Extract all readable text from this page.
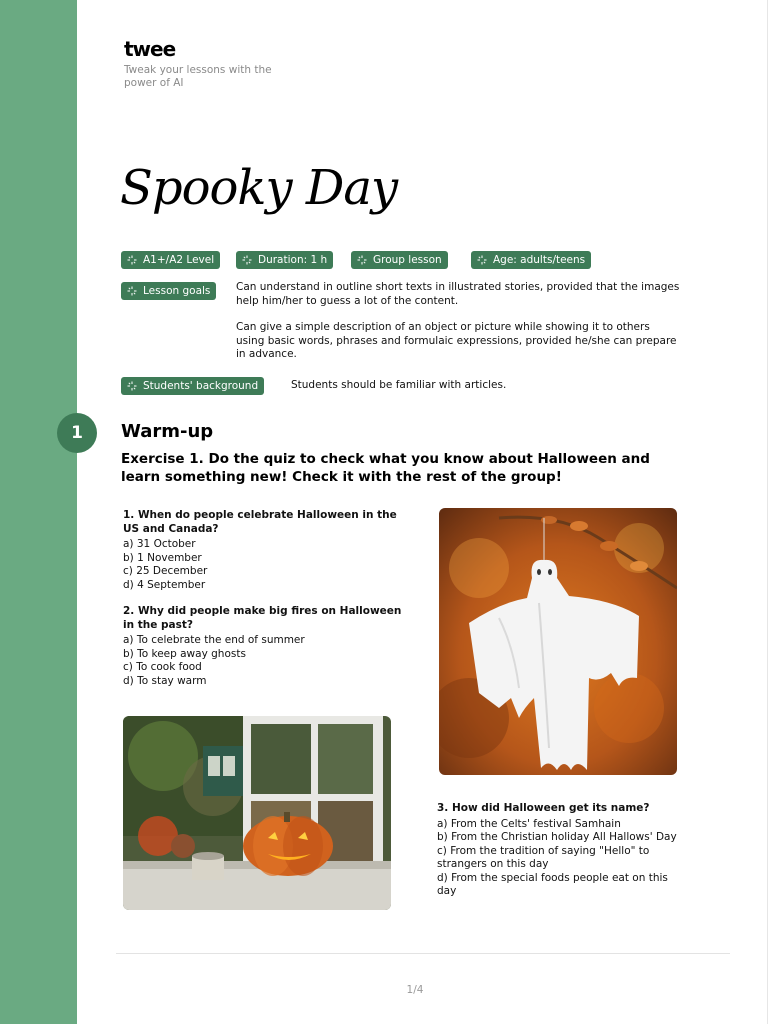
twee
Tweak your lessons with the power of AI
Spooky Day
A1+/A2 Level	Duration: 1 h	Group lesson	Age: adults/teens
Lesson goals Can understand in outline short texts in illustrated stories, provided that the images help him/her to guess a lot of the content.
Can give a simple description of an object or picture while showing it to others using basic words, phrases and formulaic expressions, provided he/she can prepare in advance.
Students' background	Students should be familiar with articles.
1	Warm-up
Exercise 1. Do the quiz to check what you know about Halloween and learn something new! Check it with the rest of the group!
1. When do people celebrate Halloween in the US and Canada?
a) 31 October
b) 1 November
c) 25 December
d) 4 September
2. Why did people make big fires on Halloween in the past?
a) To celebrate the end of summer
b) To keep away ghosts
c) To cook food
d) To stay warm
3. How did Halloween get its name?
a) From the Celts' festival Samhain
b) From the Christian holiday All Hallows' Day
c) From the tradition of saying "Hello" to strangers on this day
d) From the special foods people eat on this day
1/4
